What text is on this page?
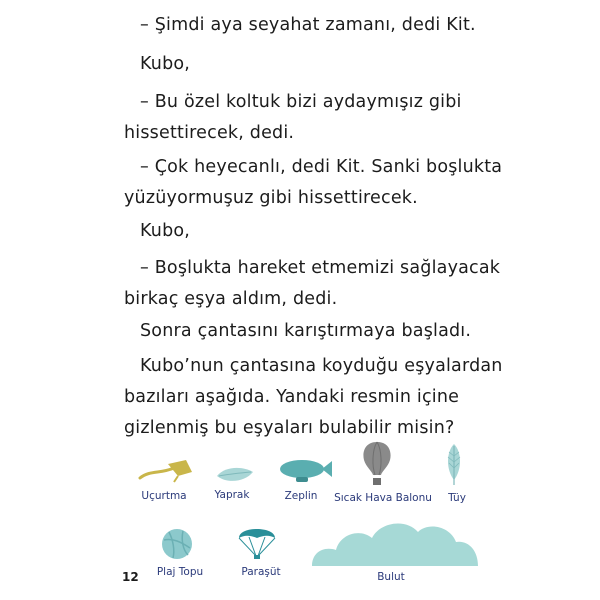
– Şimdi aya seyahat zamanı, dedi Kit.

Kubo,

– Bu özel koltuk bizi aydaymışız gibi
hissettirecek, dedi.

– Çok heyecanlı, dedi Kit. Sanki boşlukta
yüzüyormuşuz gibi hissettirecek.

Kubo,

– Boşlukta hareket etmemizi sağlayacak
birkaç eşya aldım, dedi.

Sonra çantasını karıştırmaya başladı.

Kubo’nun çantasına koyduğu eşyalardan
bazıları aşağıda. Yandaki resmin içine
gizlenmiş bu eşyaları bulabilir misin?

Uçurtma	Yaprak	Zeplin Sıcak Hava Balonu Tüy
Plaj Topu	Paraşüt	Bulut
12
